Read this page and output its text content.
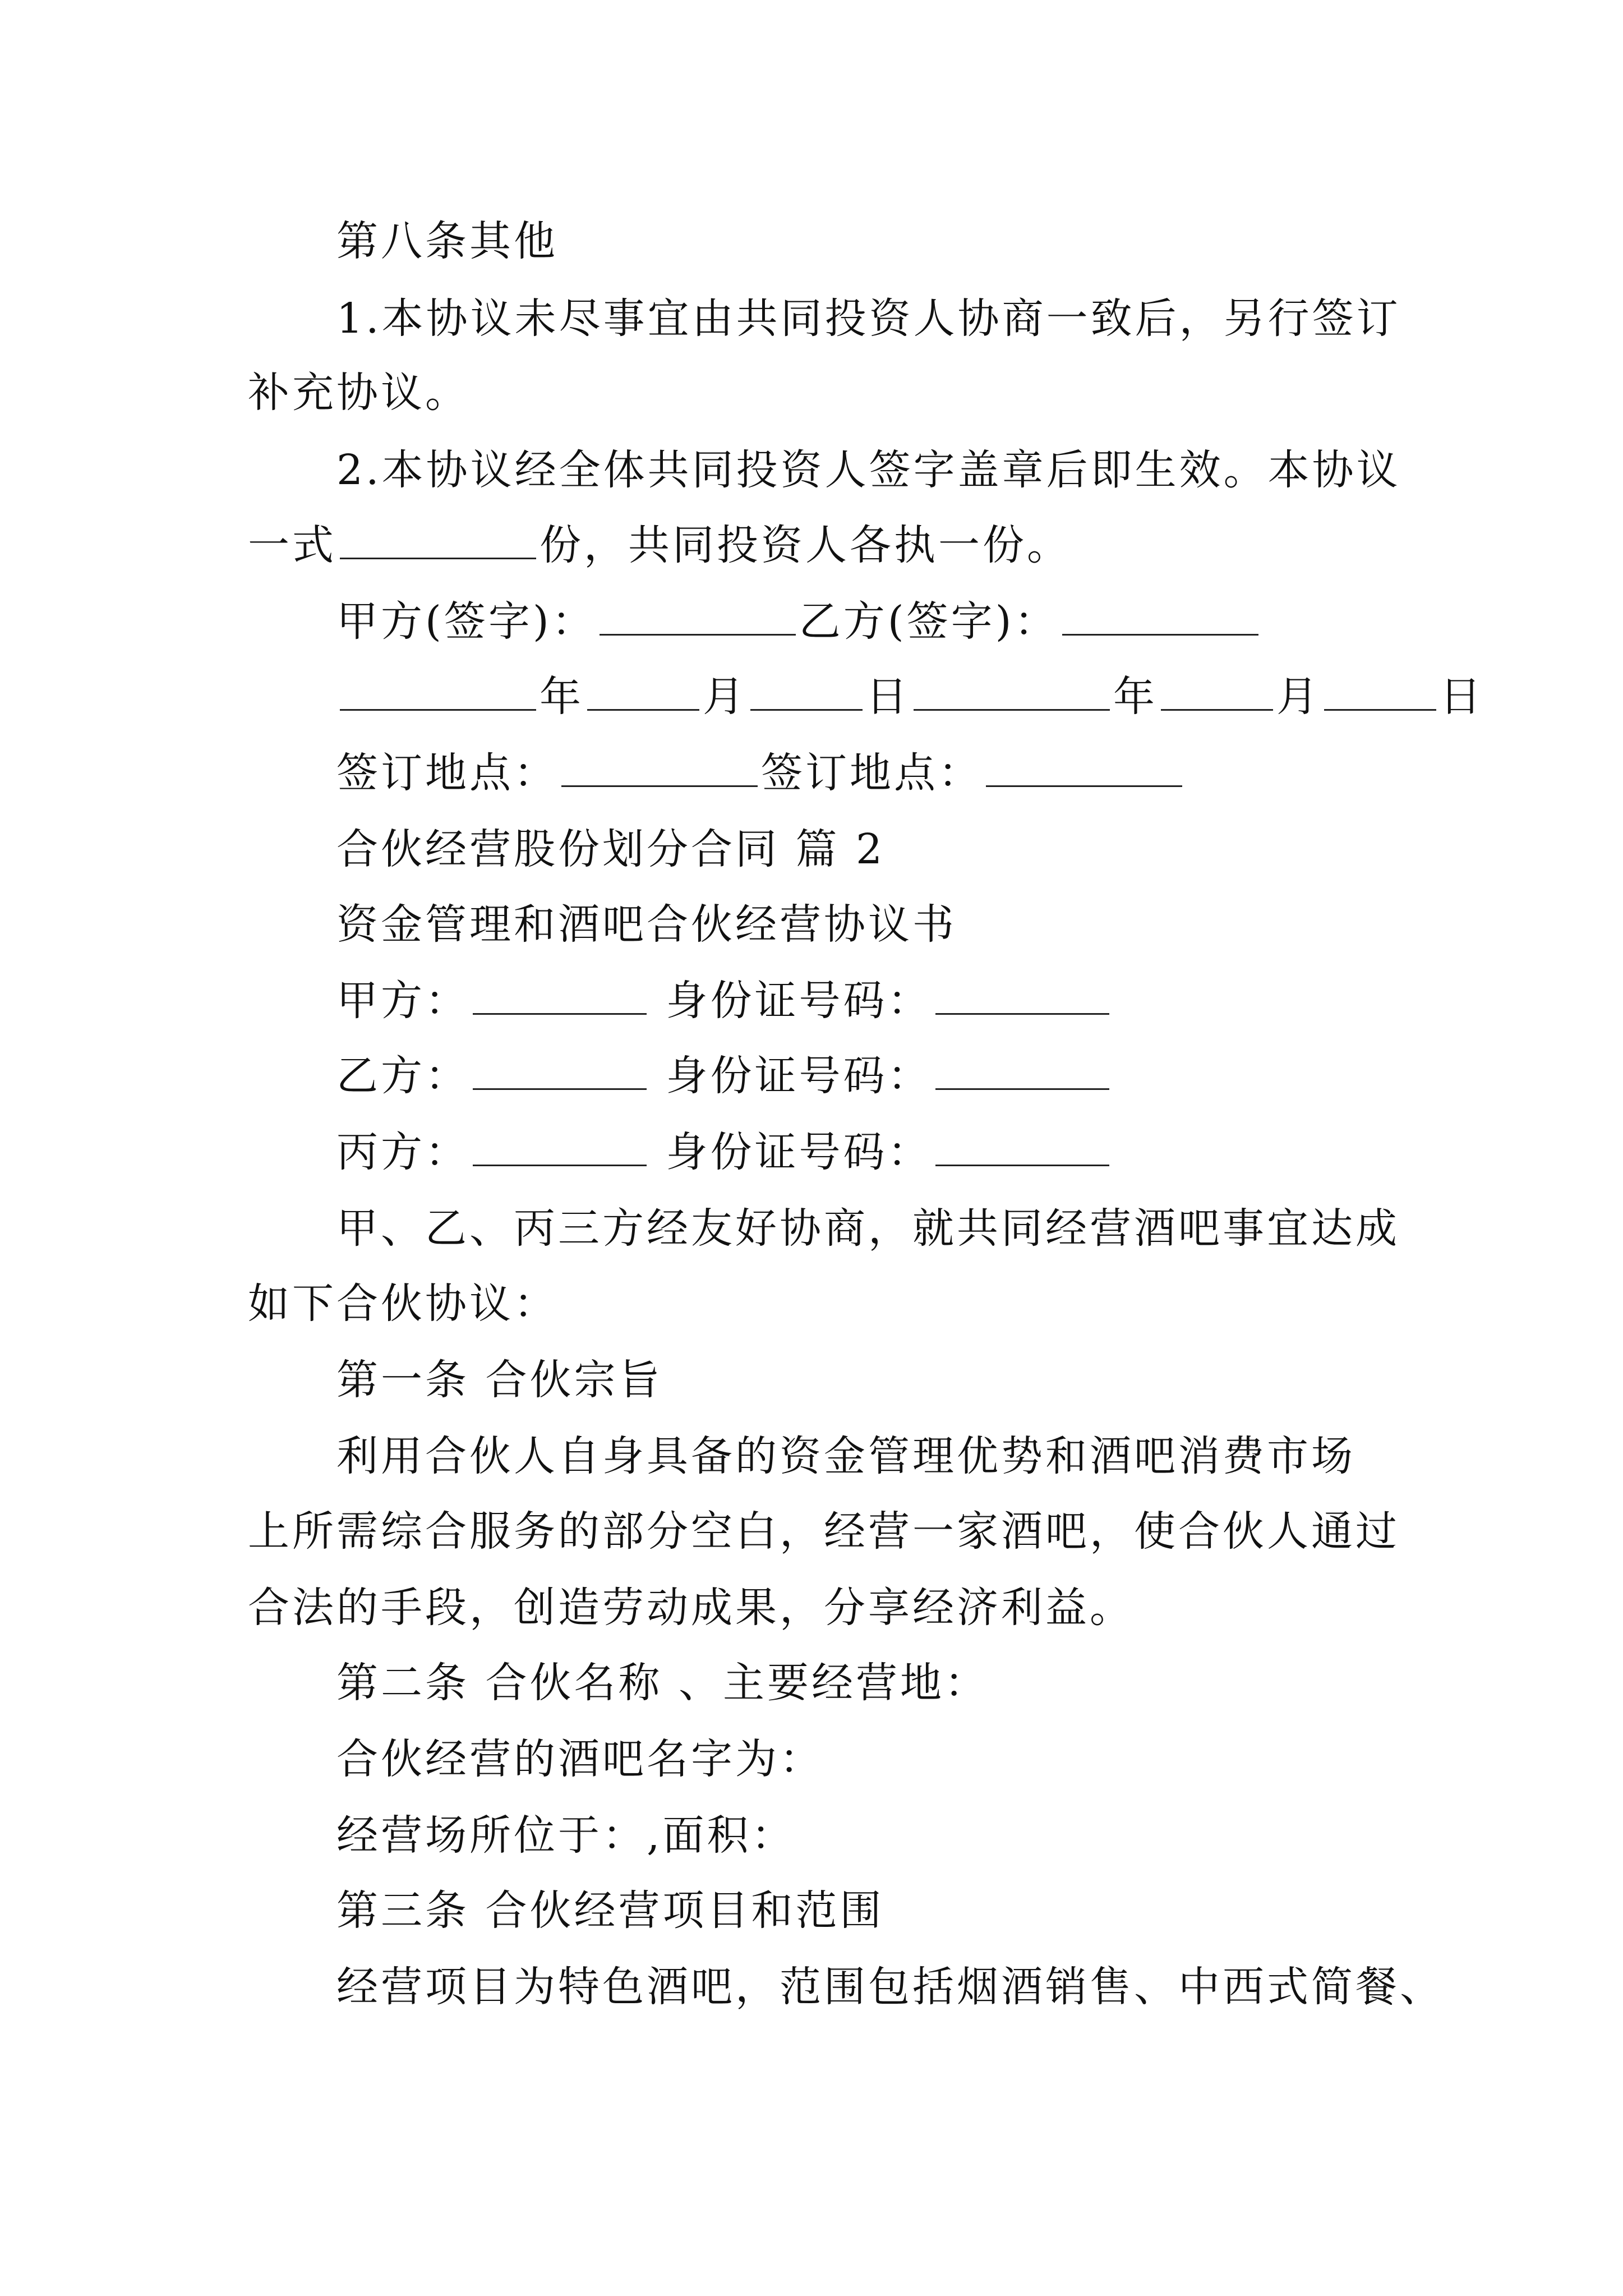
第八条其他
1.本协议未尽事宜由共同投资人协商一致后，另行签订
补充协议。
2.本协议经全体共同投资人签字盖章后即生效。本协议
一式	份，共同投资人各执一份。
甲方(签字)：	乙方(签字)：
年	月	日	年	月	日
签订地点：	签订地点：
合伙经营股份划分合同 篇 2
资金管理和酒吧合伙经营协议书
甲方：	身份证号码：
乙方：	身份证号码：
丙方：	身份证号码：
甲、乙、丙三方经友好协商，就共同经营酒吧事宜达成
如下合伙协议：
第一条 合伙宗旨
利用合伙人自身具备的资金管理优势和酒吧消费市场
上所需综合服务的部分空白，经营一家酒吧，使合伙人通过
合法的手段，创造劳动成果，分享经济利益。
第二条 合伙名称 、主要经营地：
合伙经营的酒吧名字为：
经营场所位于：,面积：
第三条 合伙经营项目和范围
经营项目为特色酒吧，范围包括烟酒销售、中西式简餐、
